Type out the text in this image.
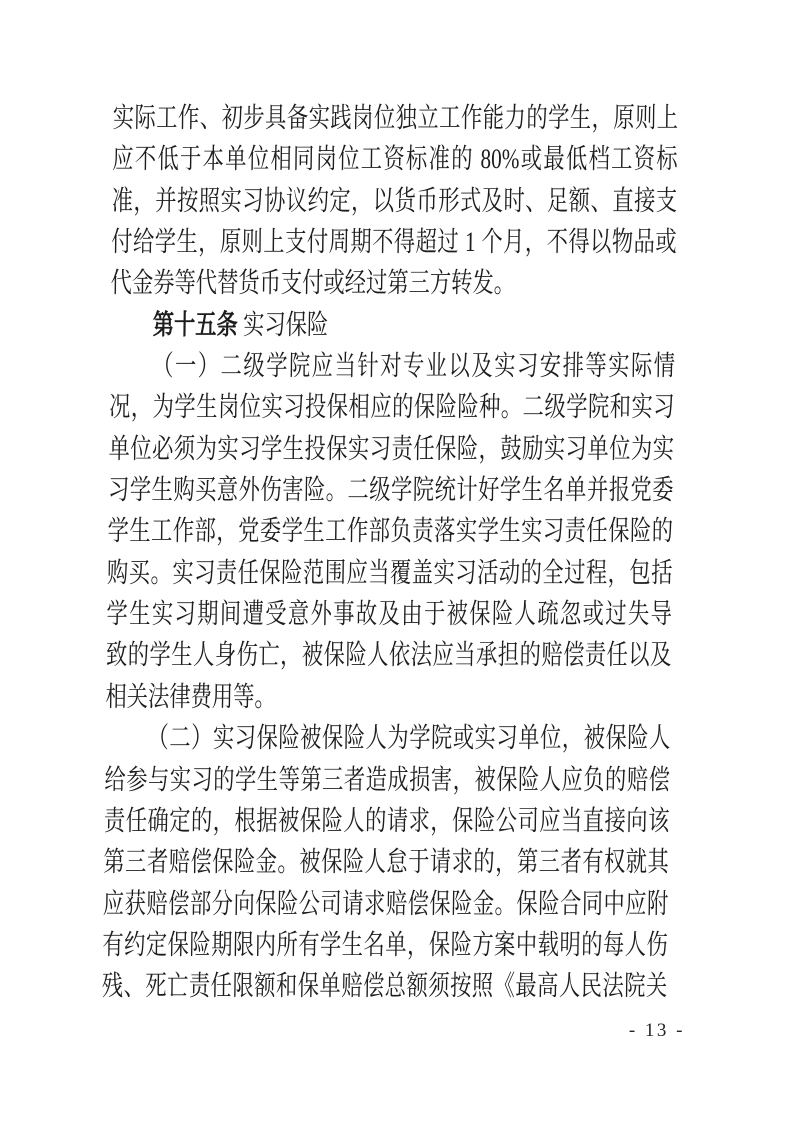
实际工作、初步具备实践岗位独立工作能力的学生，原则上
应不低于本单位相同岗位工资标准的 80%或最低档工资标
准，并按照实习协议约定，以货币形式及时、足额、直接支
付给学生，原则上支付周期不得超过 1 个月，不得以物品或
代金券等代替货币支付或经过第三方转发。
第十五条 实习保险
（一）二级学院应当针对专业以及实习安排等实际情
况，为学生岗位实习投保相应的保险险种。二级学院和实习
单位必须为实习学生投保实习责任保险，鼓励实习单位为实
习学生购买意外伤害险。二级学院统计好学生名单并报党委
学生工作部，党委学生工作部负责落实学生实习责任保险的
购买。实习责任保险范围应当覆盖实习活动的全过程，包括
学生实习期间遭受意外事故及由于被保险人疏忽或过失导
致的学生人身伤亡，被保险人依法应当承担的赔偿责任以及
相关法律费用等。
（二）实习保险被保险人为学院或实习单位，被保险人
给参与实习的学生等第三者造成损害，被保险人应负的赔偿
责任确定的，根据被保险人的请求，保险公司应当直接向该
第三者赔偿保险金。被保险人怠于请求的，第三者有权就其
应获赔偿部分向保险公司请求赔偿保险金。保险合同中应附
有约定保险期限内所有学生名单，保险方案中载明的每人伤
残、死亡责任限额和保单赔偿总额须按照《最高人民法院关
- 13 -
